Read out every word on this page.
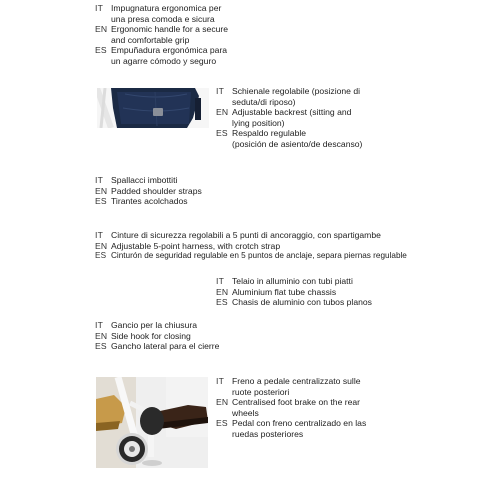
IT Impugnatura ergonomica per
una presa comoda e sicura
EN Ergonomic handle for a secure
and comfortable grip
ES Empuñadura ergonómica para
un agarre cómodo y seguro
IT Schienale regolabile (posizione di
seduta/di riposo)
EN Adjustable backrest (sitting and
lying position)
ES Respaldo regulable
(posición de asiento/de descanso)
IT Spallacci imbottiti
EN Padded shoulder straps
ES Tirantes acolchados
IT Cinture di sicurezza regolabili a 5 punti di ancoraggio, con spartigambe
EN Adjustable 5-point harness, with crotch strap
ES Cinturón de seguridad regulable en 5 puntos de anclaje, separa piernas regulable
IT Telaio in alluminio con tubi piatti
EN Aluminium flat tube chassis
ES Chasis de aluminio con tubos planos
IT Gancio per la chiusura
EN Side hook for closing
ES Gancho lateral para el cierre
IT Freno a pedale centralizzato sulle
ruote posteriori
EN Centralised foot brake on the rear
wheels
ES Pedal con freno centralizado en las
ruedas posteriores
